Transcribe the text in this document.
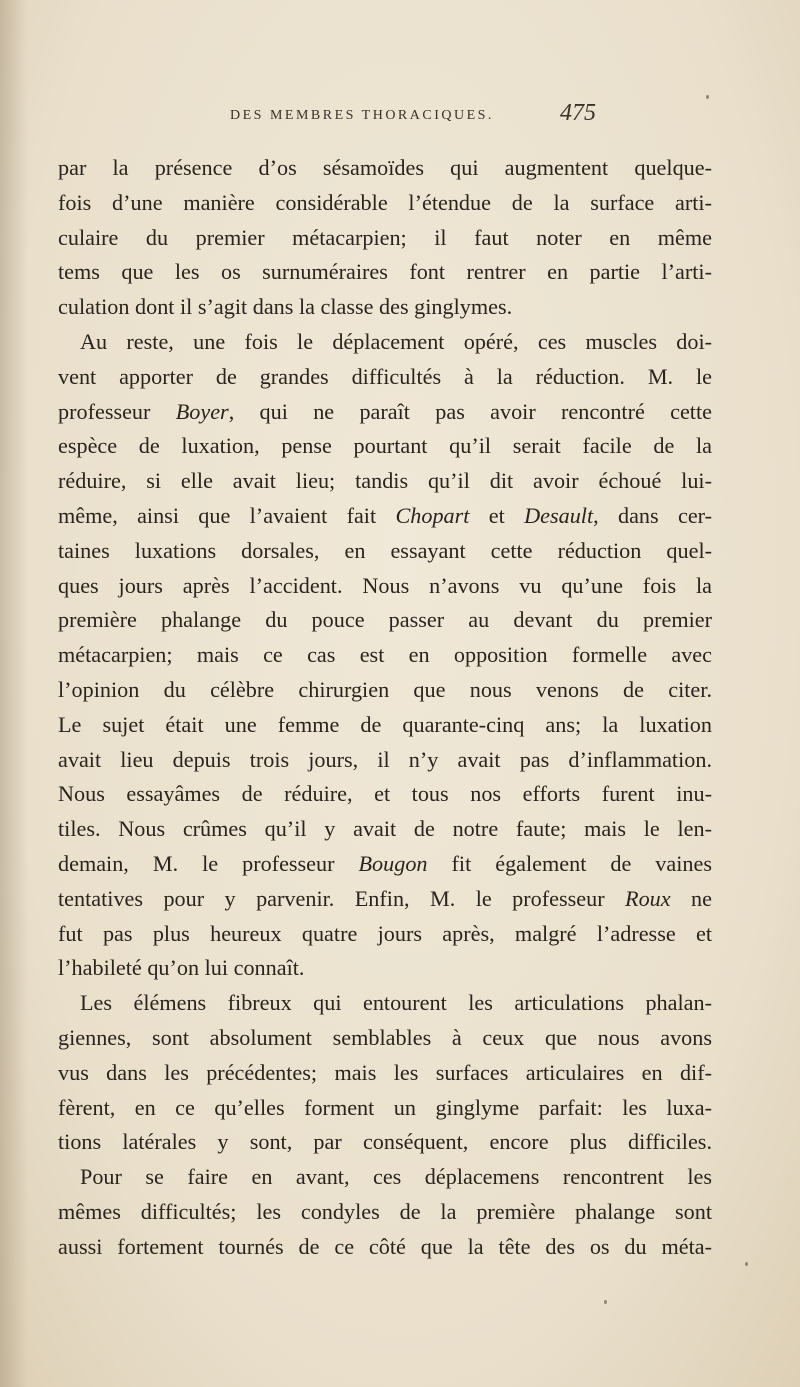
DES MEMBRES THORACIQUES.	475
par la présence d’os sésamoïdes qui augmentent quelque-
fois d’une manière considérable l’étendue de la surface arti-
culaire du premier métacarpien; il faut noter en même
tems que les os surnuméraires font rentrer en partie l’arti-
culation dont il s’agit dans la classe des ginglymes.
Au reste, une fois le déplacement opéré, ces muscles doi-
vent apporter de grandes difficultés à la réduction. M. le
professeur Boyer, qui ne paraît pas avoir rencontré cette
espèce de luxation, pense pourtant qu’il serait facile de la
réduire, si elle avait lieu; tandis qu’il dit avoir échoué lui-
même, ainsi que l’avaient fait Chopart et Desault, dans cer-
taines luxations dorsales, en essayant cette réduction quel-
ques jours après l’accident. Nous n’avons vu qu’une fois la
première phalange du pouce passer au devant du premier
métacarpien; mais ce cas est en opposition formelle avec
l’opinion du célèbre chirurgien que nous venons de citer.
Le sujet était une femme de quarante-cinq ans; la luxation
avait lieu depuis trois jours, il n’y avait pas d’inflammation.
Nous essayâmes de réduire, et tous nos efforts furent inu-
tiles. Nous crûmes qu’il y avait de notre faute; mais le len-
demain, M. le professeur Bougon fit également de vaines
tentatives pour y parvenir. Enfin, M. le professeur Roux ne
fut pas plus heureux quatre jours après, malgré l’adresse et
l’habileté qu’on lui connaît.
Les élémens fibreux qui entourent les articulations phalan-
giennes, sont absolument semblables à ceux que nous avons
vus dans les précédentes; mais les surfaces articulaires en dif-
fèrent, en ce qu’elles forment un ginglyme parfait: les luxa-
tions latérales y sont, par conséquent, encore plus difficiles.
Pour se faire en avant, ces déplacemens rencontrent les
mêmes difficultés; les condyles de la première phalange sont
aussi fortement tournés de ce côté que la tête des os du méta-
